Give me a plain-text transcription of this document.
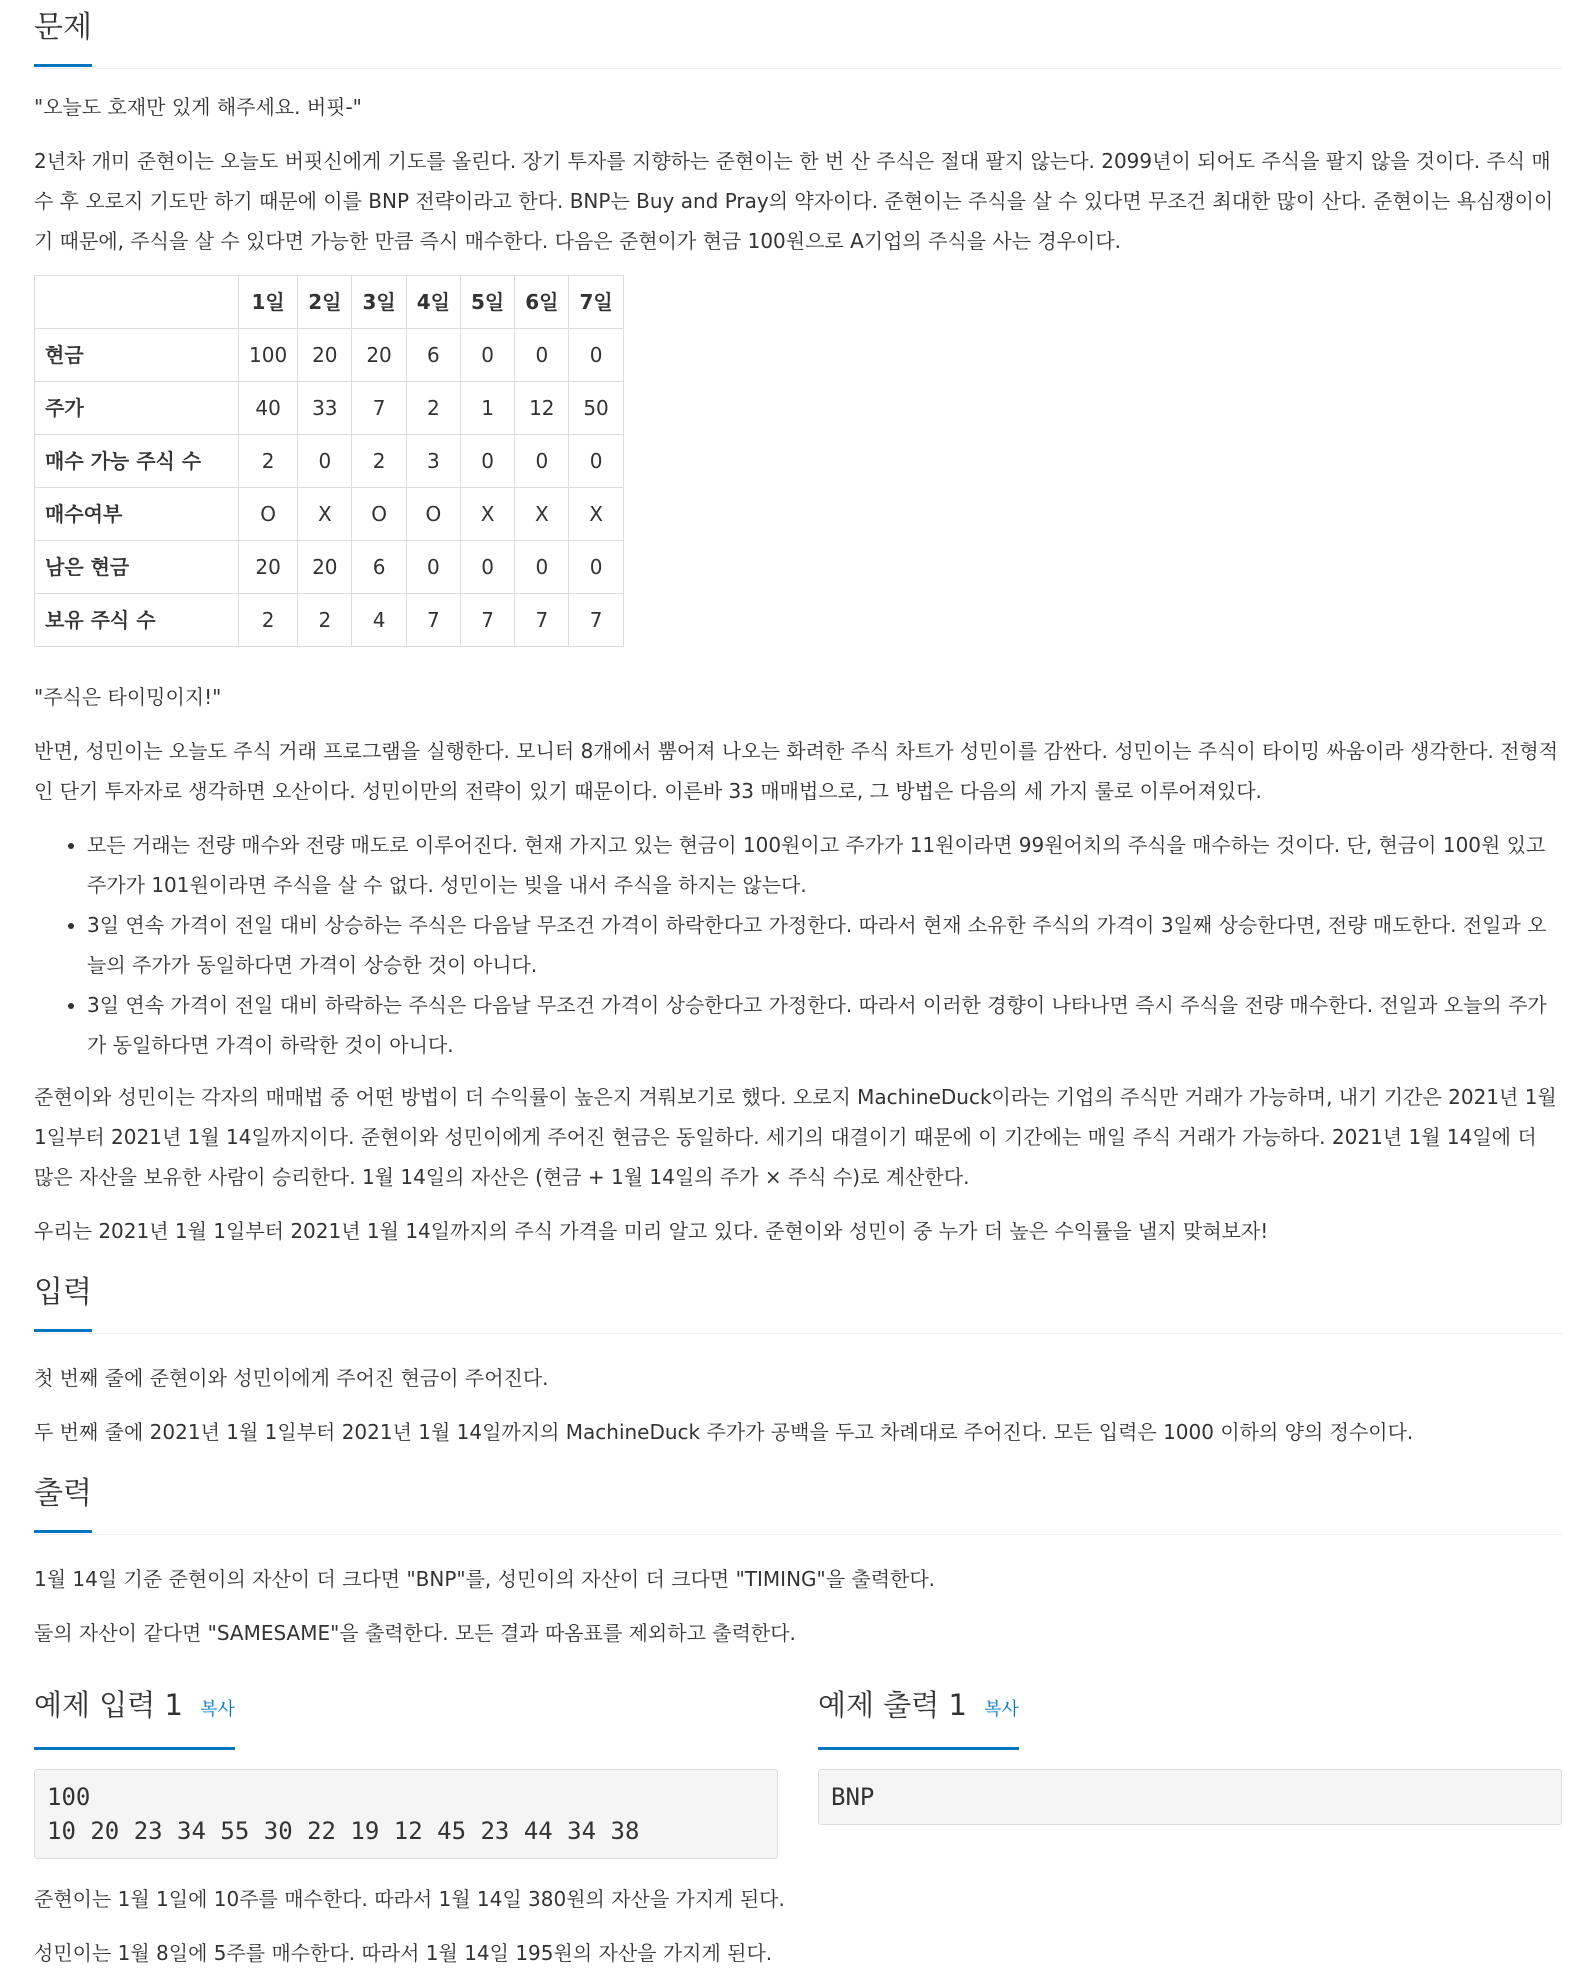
문제

"오늘도 호재만 있게 해주세요. 버핏-"

2년차 개미 준현이는 오늘도 버핏신에게 기도를 올린다. 장기 투자를 지향하는 준현이는 한 번 산 주식은 절대 팔지 않는다. 2099년이 되어도 주식을 팔지 않을 것이다. 주식 매수 후 오로지 기도만 하기 때문에 이를 BNP 전략이라고 한다. BNP는 Buy and Pray의 약자이다. 준현이는 주식을 살 수 있다면 무조건 최대한 많이 산다. 준현이는 욕심쟁이이기 때문에, 주식을 살 수 있다면 가능한 만큼 즉시 매수한다. 다음은 준현이가 현금 100원으로 A기업의 주식을 사는 경우이다.

	1일	2일	3일	4일	5일	6일	7일
현금	100	20	20	6	0	0	0
주가	40	33	7	2	1	12	50
매수 가능 주식 수	2	0	2	3	0	0	0
매수여부	O	X	O	O	X	X	X
남은 현금	20	20	6	0	0	0	0
보유 주식 수	2	2	4	7	7	7	7

"주식은 타이밍이지!"

반면, 성민이는 오늘도 주식 거래 프로그램을 실행한다. 모니터 8개에서 뿜어져 나오는 화려한 주식 차트가 성민이를 감싼다. 성민이는 주식이 타이밍 싸움이라 생각한다. 전형적인 단기 투자자로 생각하면 오산이다. 성민이만의 전략이 있기 때문이다. 이른바 33 매매법으로, 그 방법은 다음의 세 가지 룰로 이루어져있다.

• 모든 거래는 전량 매수와 전량 매도로 이루어진다. 현재 가지고 있는 현금이 100원이고 주가가 11원이라면 99원어치의 주식을 매수하는 것이다. 단, 현금이 100원 있고 주가가 101원이라면 주식을 살 수 없다. 성민이는 빚을 내서 주식을 하지는 않는다.
• 3일 연속 가격이 전일 대비 상승하는 주식은 다음날 무조건 가격이 하락한다고 가정한다. 따라서 현재 소유한 주식의 가격이 3일째 상승한다면, 전량 매도한다. 전일과 오늘의 주가가 동일하다면 가격이 상승한 것이 아니다.
• 3일 연속 가격이 전일 대비 하락하는 주식은 다음날 무조건 가격이 상승한다고 가정한다. 따라서 이러한 경향이 나타나면 즉시 주식을 전량 매수한다. 전일과 오늘의 주가가 동일하다면 가격이 하락한 것이 아니다.

준현이와 성민이는 각자의 매매법 중 어떤 방법이 더 수익률이 높은지 겨뤄보기로 했다. 오로지 MachineDuck이라는 기업의 주식만 거래가 가능하며, 내기 기간은 2021년 1월 1일부터 2021년 1월 14일까지이다. 준현이와 성민이에게 주어진 현금은 동일하다. 세기의 대결이기 때문에 이 기간에는 매일 주식 거래가 가능하다. 2021년 1월 14일에 더 많은 자산을 보유한 사람이 승리한다. 1월 14일의 자산은 (현금 + 1월 14일의 주가 × 주식 수)로 계산한다.

우리는 2021년 1월 1일부터 2021년 1월 14일까지의 주식 가격을 미리 알고 있다. 준현이와 성민이 중 누가 더 높은 수익률을 낼지 맞혀보자!

입력

첫 번째 줄에 준현이와 성민이에게 주어진 현금이 주어진다.

두 번째 줄에 2021년 1월 1일부터 2021년 1월 14일까지의 MachineDuck 주가가 공백을 두고 차례대로 주어진다. 모든 입력은 1000 이하의 양의 정수이다.

출력

1월 14일 기준 준현이의 자산이 더 크다면 "BNP"를, 성민이의 자산이 더 크다면 "TIMING"을 출력한다.

둘의 자산이 같다면 "SAMESAME"을 출력한다. 모든 결과 따옴표를 제외하고 출력한다.

예제 입력 1 복사
100
10 20 23 34 55 30 22 19 12 45 23 44 34 38
예제 출력 1 복사
BNP

준현이는 1월 1일에 10주를 매수한다. 따라서 1월 14일 380원의 자산을 가지게 된다.

성민이는 1월 8일에 5주를 매수한다. 따라서 1월 14일 195원의 자산을 가지게 된다.
